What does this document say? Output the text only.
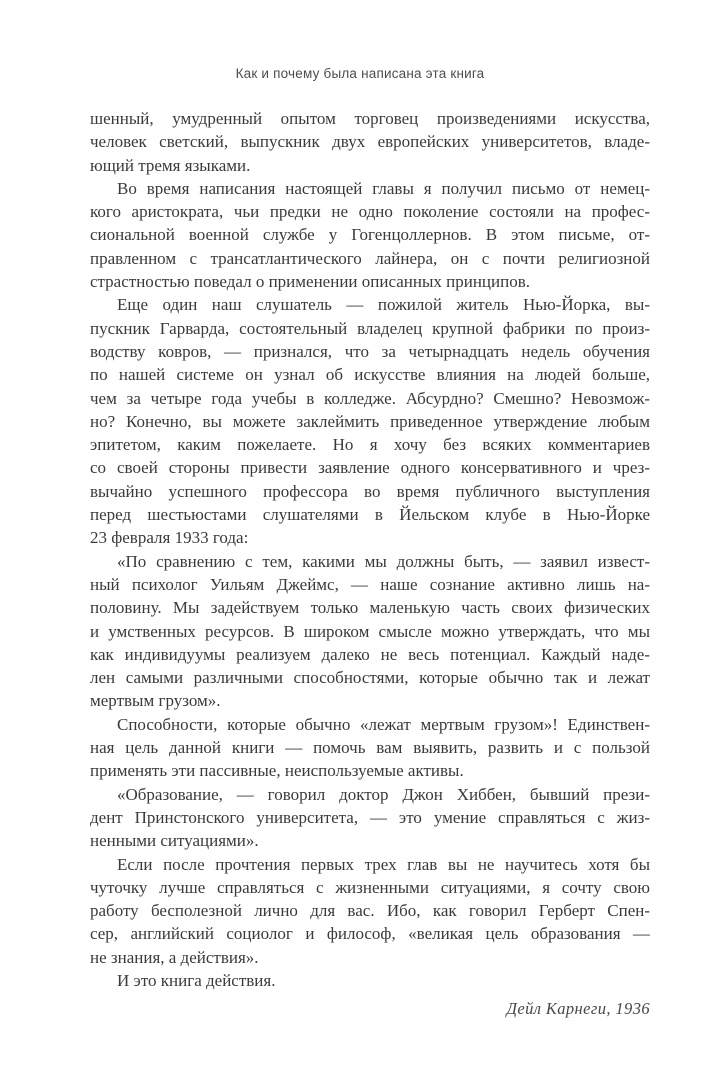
Как и почему была написана эта книга
шенный, умудренный опытом торговец произведениями искусства,
человек светский, выпускник двух европейских университетов, владе-
ющий тремя языками.
Во время написания настоящей главы я получил письмо от немец-
кого аристократа, чьи предки не одно поколение состояли на профес-
сиональной военной службе у Гогенцоллернов. В этом письме, от-
правленном с трансатлантического лайнера, он с почти религиозной
страстностью поведал о применении описанных принципов.
Еще один наш слушатель — пожилой житель Нью-Йорка, вы-
пускник Гарварда, состоятельный владелец крупной фабрики по произ-
водству ковров, — признался, что за четырнадцать недель обучения
по нашей системе он узнал об искусстве влияния на людей больше,
чем за четыре года учебы в колледже. Абсурдно? Смешно? Невозмож-
но? Конечно, вы можете заклеймить приведенное утверждение любым
эпитетом, каким пожелаете. Но я хочу без всяких комментариев
со своей стороны привести заявление одного консервативного и чрез-
вычайно успешного профессора во время публичного выступления
перед шестьюстами слушателями в Йельском клубе в Нью-Йорке
23 февраля 1933 года:
«По сравнению с тем, какими мы должны быть, — заявил извест-
ный психолог Уильям Джеймс, — наше сознание активно лишь на-
половину. Мы задействуем только маленькую часть своих физических
и умственных ресурсов. В широком смысле можно утверждать, что мы
как индивидуумы реализуем далеко не весь потенциал. Каждый наде-
лен самыми различными способностями, которые обычно так и лежат
мертвым грузом».
Способности, которые обычно «лежат мертвым грузом»! Единствен-
ная цель данной книги — помочь вам выявить, развить и с пользой
применять эти пассивные, неиспользуемые активы.
«Образование, — говорил доктор Джон Хиббен, бывший прези-
дент Принстонского университета, — это умение справляться с жиз-
ненными ситуациями».
Если после прочтения первых трех глав вы не научитесь хотя бы
чуточку лучше справляться с жизненными ситуациями, я сочту свою
работу бесполезной лично для вас. Ибо, как говорил Герберт Спен-
сер, английский социолог и философ, «великая цель образования —
не знания, а действия».
И это книга действия.
Дейл Карнеги, 1936
